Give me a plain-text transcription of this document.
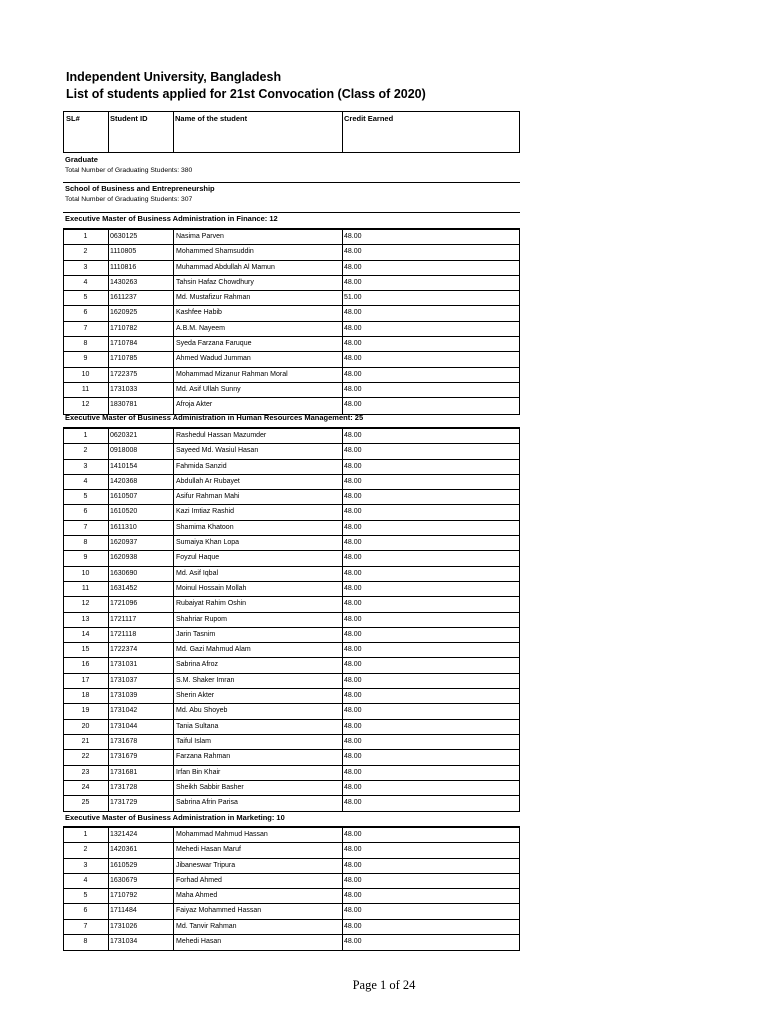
Independent University, Bangladesh
List of students applied for 21st Convocation (Class of 2020)
SL#	Student ID	Name of the student	Credit Earned
Graduate
Total Number of Graduating Students: 380
School of Business and Entrepreneurship
Total Number of Graduating Students: 307
Executive Master of Business Administration in Finance: 12
1	0630125	Nasima Parven	48.00
2	1110805	Mohammed Shamsuddin	48.00
3	1110816	Muhammad Abdullah Al Mamun	48.00
4	1430263	Tahsin Hafaz Chowdhury	48.00
5	1611237	Md. Mustafizur Rahman	51.00
6	1620925	Kashfee Habib	48.00
7	1710782	A.B.M. Nayeem	48.00
8	1710784	Syeda Farzana Faruque	48.00
9	1710785	Ahmed Wadud Jumman	48.00
10	1722375	Mohammad Mizanur Rahman Moral	48.00
11	1731033	Md. Asif Ullah Sunny	48.00
12	1830781	Afroja Akter	48.00
Executive Master of Business Administration in Human Resources Management: 25
1	0620321	Rashedul Hassan Mazumder	48.00
2	0918008	Sayeed Md. Wasiul Hasan	48.00
3	1410154	Fahmida Sanzid	48.00
4	1420368	Abdullah Ar Rubayet	48.00
5	1610507	Asifur Rahman Mahi	48.00
6	1610520	Kazi Imtiaz Rashid	48.00
7	1611310	Shamima Khatoon	48.00
8	1620937	Sumaiya Khan Lopa	48.00
9	1620938	Foyzul Haque	48.00
10	1630690	Md. Asif Iqbal	48.00
11	1631452	Moinul Hossain Mollah	48.00
12	1721096	Rubaiyat Rahim Oshin	48.00
13	1721117	Shahriar Rupom	48.00
14	1721118	Jarin Tasnim	48.00
15	1722374	Md. Gazi Mahmud Alam	48.00
16	1731031	Sabrina Afroz	48.00
17	1731037	S.M. Shaker Imran	48.00
18	1731039	Sherin Akter	48.00
19	1731042	Md. Abu Shoyeb	48.00
20	1731044	Tania Sultana	48.00
21	1731678	Taiful Islam	48.00
22	1731679	Farzana Rahman	48.00
23	1731681	Irfan Bin Khair	48.00
24	1731728	Sheikh Sabbir Basher	48.00
25	1731729	Sabrina Afrin Parisa	48.00
Executive Master of Business Administration in Marketing: 10
1	1321424	Mohammad Mahmud Hassan	48.00
2	1420361	Mehedi Hasan Maruf	48.00
3	1610529	Jibaneswar Tripura	48.00
4	1630679	Forhad Ahmed	48.00
5	1710792	Maha Ahmed	48.00
6	1711484	Faiyaz Mohammed Hassan	48.00
7	1731026	Md. Tanvir Rahman	48.00
8	1731034	Mehedi Hasan	48.00
Page 1 of 24
